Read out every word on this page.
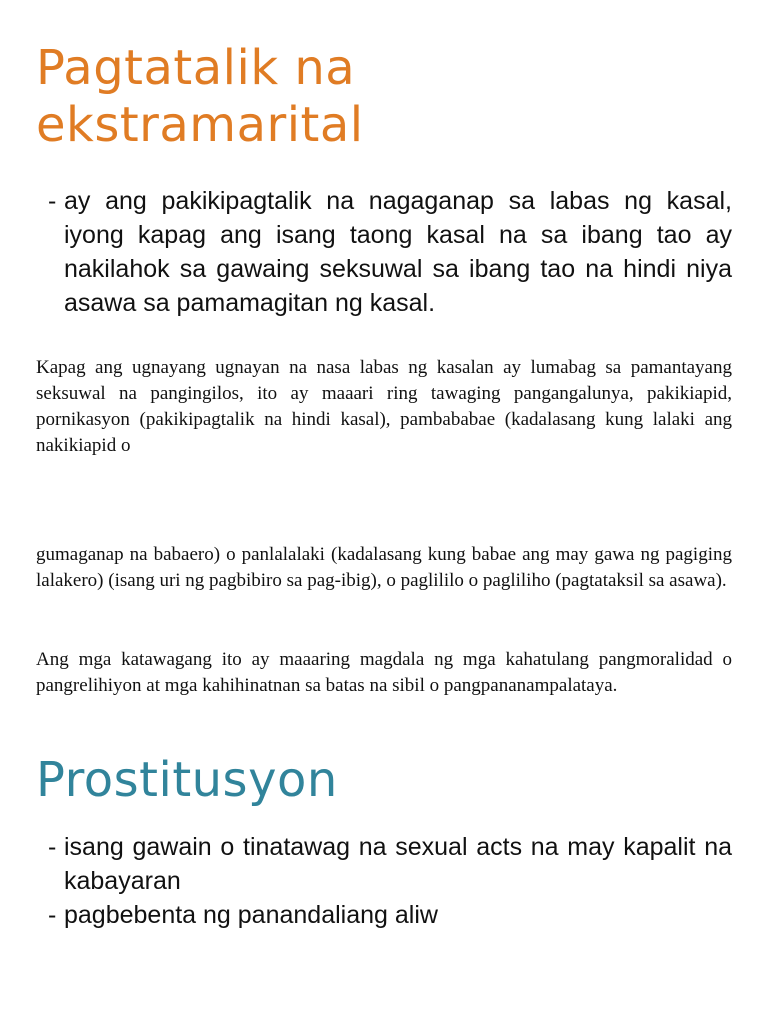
Pagtatalik na ekstramarital
- ay ang pakikipagtalik na nagaganap sa labas ng kasal, iyong kapag ang isang taong kasal na sa ibang tao ay nakilahok sa gawaing seksuwal sa ibang tao na hindi niya asawa sa pamamagitan ng kasal.

Kapag ang ugnayang ugnayan na nasa labas ng kasalan ay lumabag sa pamantayang seksuwal na pangingilos, ito ay maaari ring tawaging pangangalunya, pakikiapid, pornikasyon (pakikipagtalik na hindi kasal), pambababae (kadalasang kung lalaki ang nakikiapid o

gumaganap na babaero) o panlalalaki (kadalasang kung babae ang may gawa ng pagiging lalakero) (isang uri ng pagbibiro sa pag-ibig), o paglililo o pagliliho (pagtataksil sa asawa).

Ang mga katawagang ito ay maaaring magdala ng mga kahatulang pangmoralidad o pangrelihiyon at mga kahihinatnan sa batas na sibil o pangpananampalataya.

Prostitusyon
- isang gawain o tinatawag na sexual acts na may kapalit na kabayaran
- pagbebenta ng panandaliang aliw
